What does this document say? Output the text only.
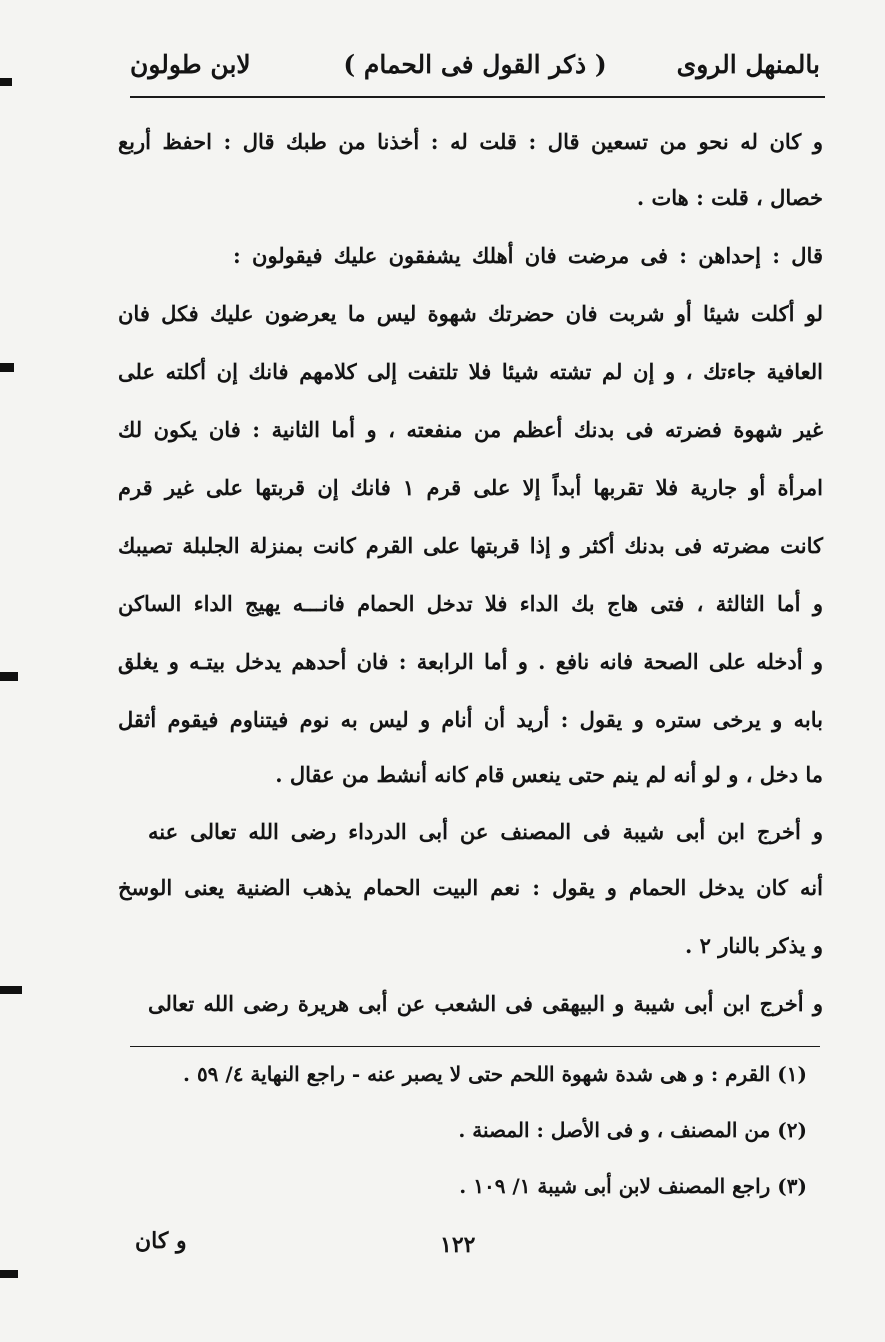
بالمنهل الروى
( ذكر القول فى الحمام )
لابن طولون
و كان له نحو من تسعين قال : قلت له : أخذنا من طبك قال : احفظ أربع
خصال ، قلت : هات .
قال : إحداهن : فى مرضت فان أهلك يشفقون عليك فيقولون :
لو أكلت شيئا أو شربت فان حضرتك شهوة ليس ما يعرضون عليك فكل فان
العافية جاءتك ، و إن لم تشته شيئا فلا تلتفت إلى كلامهم فانك إن أكلته على
غير شهوة فضرته فى بدنك أعظم من منفعته ، و أما الثانية : فان يكون لك
امرأة أو جارية فلا تقربها أبداً إلا على قرم ١ فانك إن قربتها على غير قرم
كانت مضرته فى بدنك أكثر و إذا قربتها على القرم كانت بمنزلة الجلبلة تصيبك
و أما الثالثة ، فتى هاج بك الداء فلا تدخل الحمام فانـــه يهيج الداء الساكن
و أدخله على الصحة فانه نافع . و أما الرابعة : فان أحدهم يدخل بيتـه و يغلق
بابه و يرخى ستره و يقول : أريد أن أنام و ليس به نوم فيتناوم فيقوم أثقل
ما دخل ، و لو أنه لم ينم حتى ينعس قام كانه أنشط من عقال .
و أخرج ابن أبى شيبة فى المصنف عن أبى الدرداء رضى الله تعالى عنه
أنه كان يدخل الحمام و يقول : نعم البيت الحمام يذهب الضنية يعنى الوسخ
و يذكر بالنار ٢ .
و أخرج ابن أبى شيبة و البيهقى فى الشعب عن أبى هريرة رضى الله تعالى
(١) القرم : و هى شدة شهوة اللحم حتى لا يصبر عنه - راجع النهاية ٤/ ٥٩ .
(٢) من المصنف ، و فى الأصل : المصنة .
(٣) راجع المصنف لابن أبى شيبة ١/ ١٠٩ .
١٢٢
و كان
